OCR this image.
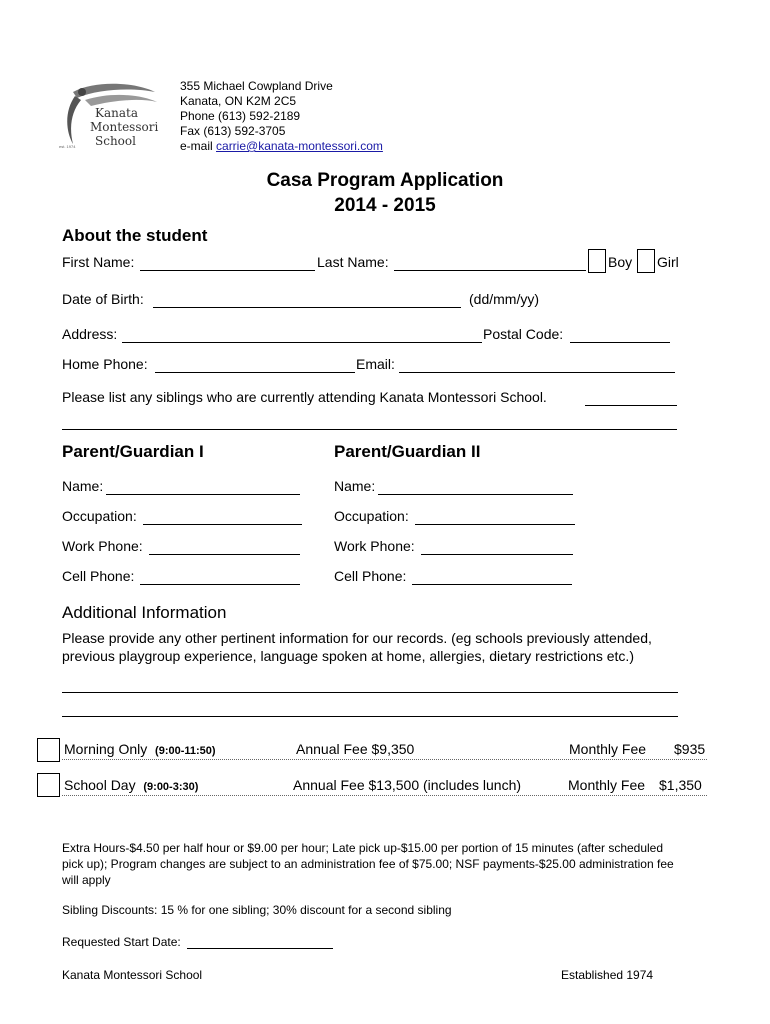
Kanata
Montessori
School
est. 1974
355 Michael Cowpland Drive
Kanata, ON K2M 2C5
Phone (613) 592-2189
Fax (613) 592-3705
e-mail carrie@kanata-montessori.com
Casa Program Application
2014 - 2015
About the student
First Name:	Last Name:	Boy Girl
Date of Birth:	(dd/mm/yy)
Address:	Postal Code:
Home Phone:	Email:
Please list any siblings who are currently attending Kanata Montessori School.
Parent/Guardian I
Name:
Occupation:
Work Phone:
Cell Phone:
Parent/Guardian II
Name:
Occupation:
Work Phone:
Cell Phone:
Additional Information
Please provide any other pertinent information for our records. (eg schools previously attended,
previous playgroup experience, language spoken at home, allergies, dietary restrictions etc.)
Morning Only (9:00-11:50)	Annual Fee $9,350	Monthly Fee $935
School Day (9:00-3:30)	Annual Fee $13,500 (includes lunch)	Monthly Fee $1,350
Extra Hours-$4.50 per half hour or $9.00 per hour; Late pick up-$15.00 per portion of 15 minutes (after scheduled
pick up); Program changes are subject to an administration fee of $75.00; NSF payments-$25.00 administration fee
will apply
Sibling Discounts: 15 % for one sibling; 30% discount for a second sibling
Requested Start Date:
Kanata Montessori School	Established 1974
